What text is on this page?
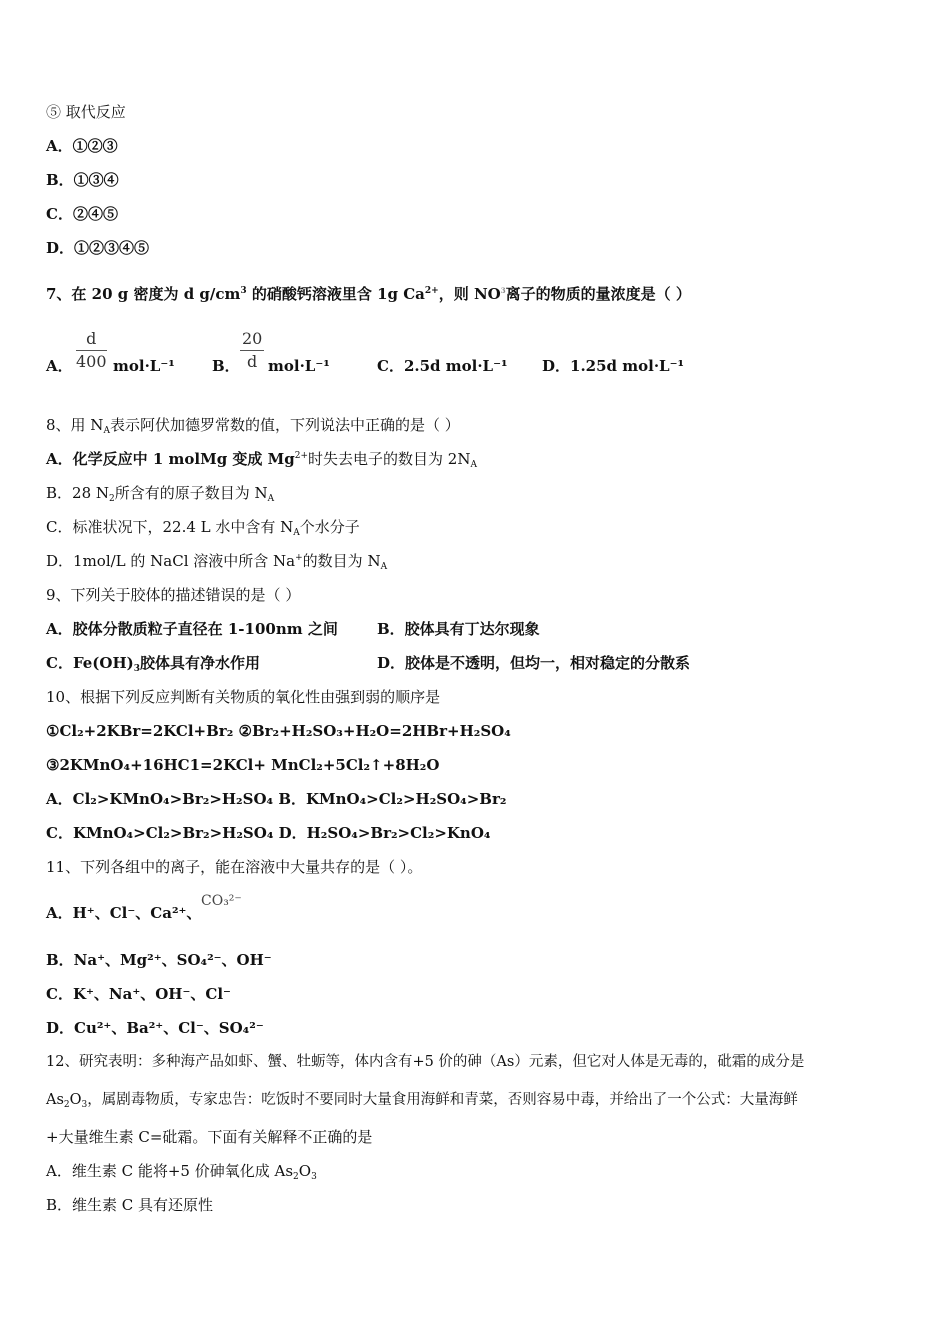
⑤ 取代反应
A．①②③
B．①③④
C．②④⑤
D．①②③④⑤
7、在 20 g 密度为 d $g/cm^3$ 的硝酸钙溶液里含 1g $Ca^{2+}$，则 $NO^3$离子的物质的量浓度是（ ）
A． $\frac{d}{400} mol\cdot L^{-1}$ B． $\frac{20}{d} mol\cdot L^{-1}$	C．2.5d mol·L⁻¹ D．1.25d mol·L⁻¹
8、用 $N_A$表示阿伏加德罗常数的值，下列说法中正确的是（ ）
A．化学反应中 1 molMg 变成 $Mg^{2+}$时失去电子的数目为 $2N_A$
B．28 $N_2$所含有的原子数目为 $N_A$
C．标准状况下，22.4 L 水中含有 $N_A$个水分子
D．1mol/L 的 NaCl 溶液中所含 Na+的数目为 $N_A$
9、下列关于胶体的描述错误的是（ ）
A．胶体分散质粒子直径在 1-100nm 之间	B．胶体具有丁达尔现象
C．$Fe(OH)_3$胶体具有净水作用	D．胶体是不透明，但均一，相对稳定的分散系
10、根据下列反应判断有关物质的氧化性由强到弱的顺序是
①Cl₂+2KBr=2KCl+Br₂ ②Br₂+H₂SO₃+H₂O=2HBr+H₂SO₄
③2KMnO₄+16HC1=2KCl+ MnCl₂+5Cl₂↑+8H₂O
A．Cl₂>KMnO₄>Br₂>H₂SO₄ B．KMnO₄>Cl₂>H₂SO₄>Br₂
C．KMnO₄>Cl₂>Br₂>H₂SO₄ D．H₂SO₄>Br₂>Cl₂>KnO₄
11、下列各组中的离子，能在溶液中大量共存的是（ ）。
A．H⁺、Cl⁻、Ca²⁺、
CO₃²⁻
B．Na⁺、Mg²⁺、SO₄²⁻、OH⁻
C．K⁺、Na⁺、OH⁻、Cl⁻
D．Cu²⁺、Ba²⁺、Cl⁻、SO₄²⁻
12、研究表明：多种海产品如虾、蟹、牡蛎等，体内含有+5 价的砷（As）元素，但它对人体是无毒的，砒霜的成分是
$As_2O_3$，属剧毒物质，专家忠告：吃饭时不要同时大量食用海鲜和青菜，否则容易中毒，并给出了一个公式：大量海鲜
+大量维生素 C=砒霜。下面有关解释不正确的是
A．维生素 C 能将+5 价砷氧化成 $As_2O_3$
B．维生素 C 具有还原性
